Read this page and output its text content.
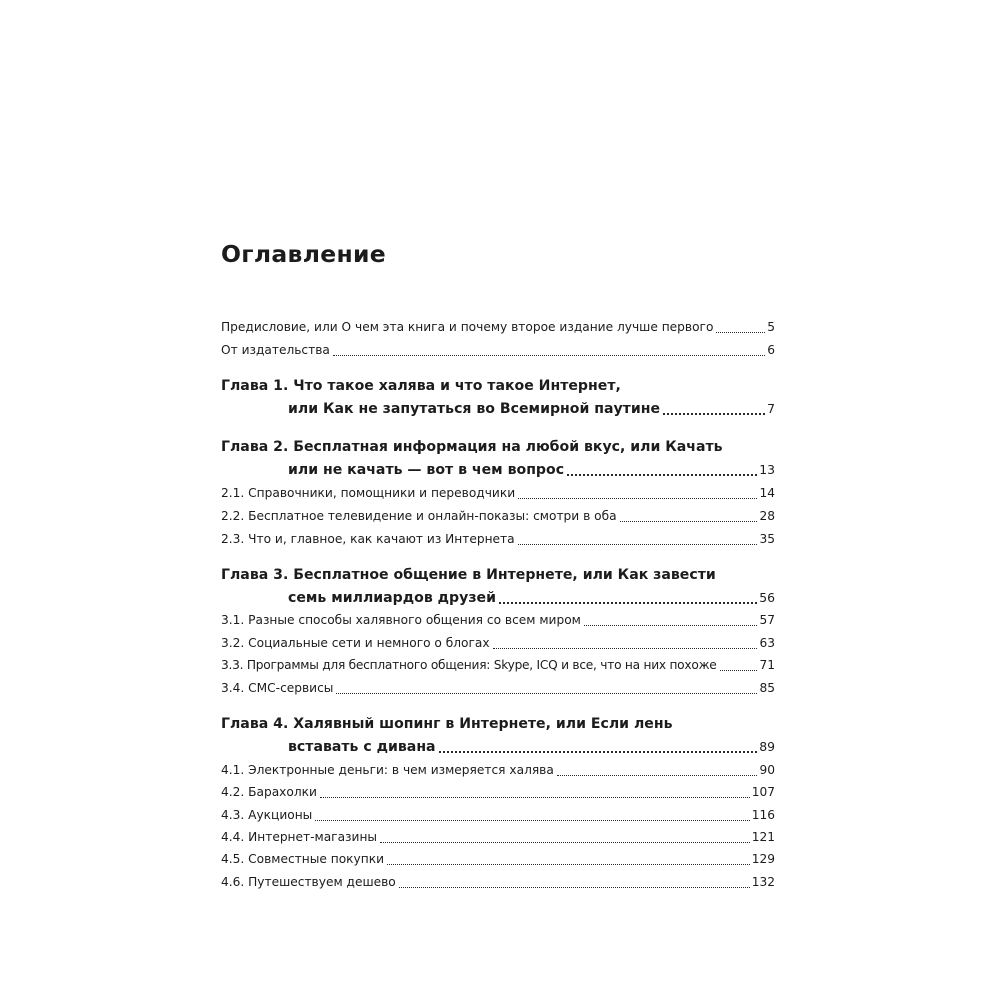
Оглавление
Предисловие, или О чем эта книга и почему второе издание лучше первого	5
От издательства	6
Глава 1. Что такое халява и что такое Интернет,
или Как не запутаться во Всемирной паутине	7
Глава 2. Бесплатная информация на любой вкус, или Качать
или не качать — вот в чем вопрос	13
2.1. Справочники, помощники и переводчики	14
2.2. Бесплатное телевидение и онлайн-показы: смотри в оба	28
2.3. Что и, главное, как качают из Интернета	35
Глава 3. Бесплатное общение в Интернете, или Как завести
семь миллиардов друзей	56
3.1. Разные способы халявного общения со всем миром	57
3.2. Социальные сети и немного о блогах	63
3.3. Программы для бесплатного общения: Skype, ICQ и все, что на них похоже	71
3.4. СМС-сервисы	85
Глава 4. Халявный шопинг в Интернете, или Если лень
вставать с дивана	89
4.1. Электронные деньги: в чем измеряется халява	90
4.2. Барахолки	107
4.3. Аукционы	116
4.4. Интернет-магазины	121
4.5. Совместные покупки	129
4.6. Путешествуем дешево	132
